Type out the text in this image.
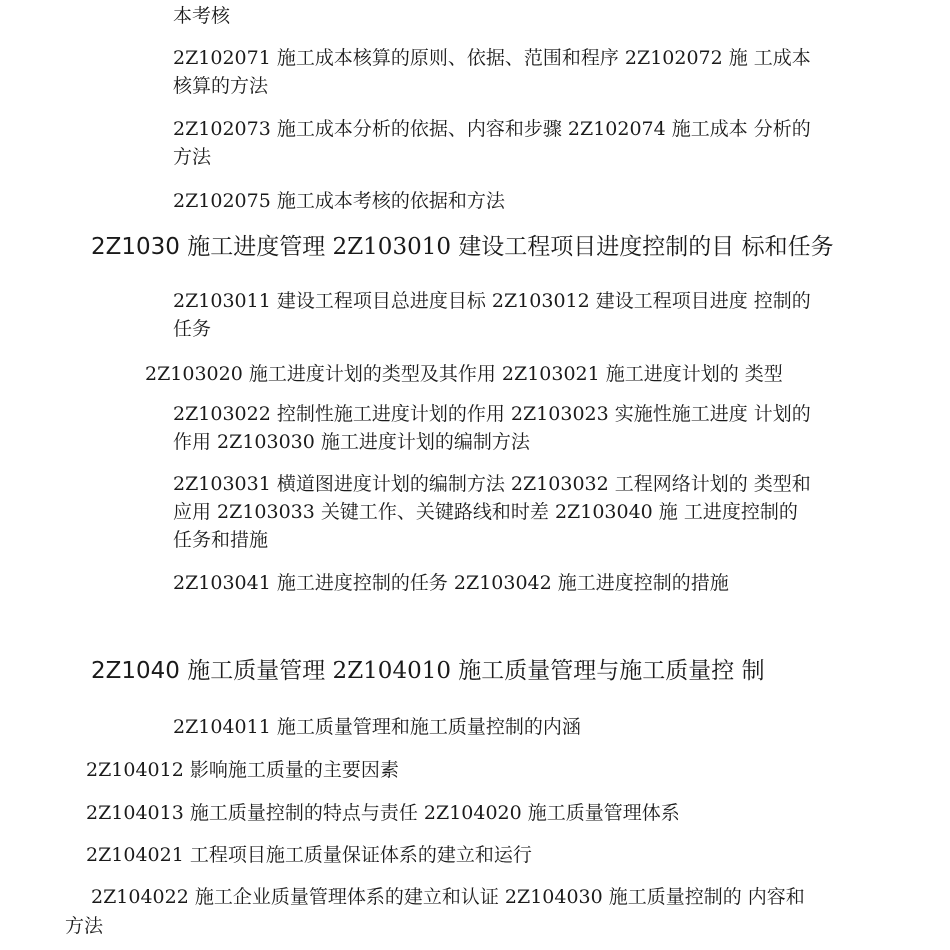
本考核
2Z102071 施工成本核算的原则、依据、范围和程序 2Z102072 施 工成本核算的方法
2Z102073 施工成本分析的依据、内容和步骤 2Z102074 施工成本 分析的方法
2Z102075 施工成本考核的依据和方法
2Z1030 施工进度管理 2Z103010 建设工程项目进度控制的目 标和任务
2Z103011 建设工程项目总进度目标 2Z103012 建设工程项目进度 控制的任务
2Z103020 施工进度计划的类型及其作用 2Z103021 施工进度计划的 类型
2Z103022 控制性施工进度计划的作用 2Z103023 实施性施工进度 计划的作用 2Z103030 施工进度计划的编制方法
2Z103031 横道图进度计划的编制方法 2Z103032 工程网络计划的 类型和应用 2Z103033 关键工作、关键路线和时差 2Z103040 施 工进度控制的任务和措施
2Z103041 施工进度控制的任务 2Z103042 施工进度控制的措施
2Z1040 施工质量管理 2Z104010 施工质量管理与施工质量控 制
2Z104011 施工质量管理和施工质量控制的内涵
2Z104012 影响施工质量的主要因素
2Z104013 施工质量控制的特点与责任 2Z104020 施工质量管理体系
2Z104021 工程项目施工质量保证体系的建立和运行
2Z104022 施工企业质量管理体系的建立和认证 2Z104030 施工质量控制的 内容和
方法
